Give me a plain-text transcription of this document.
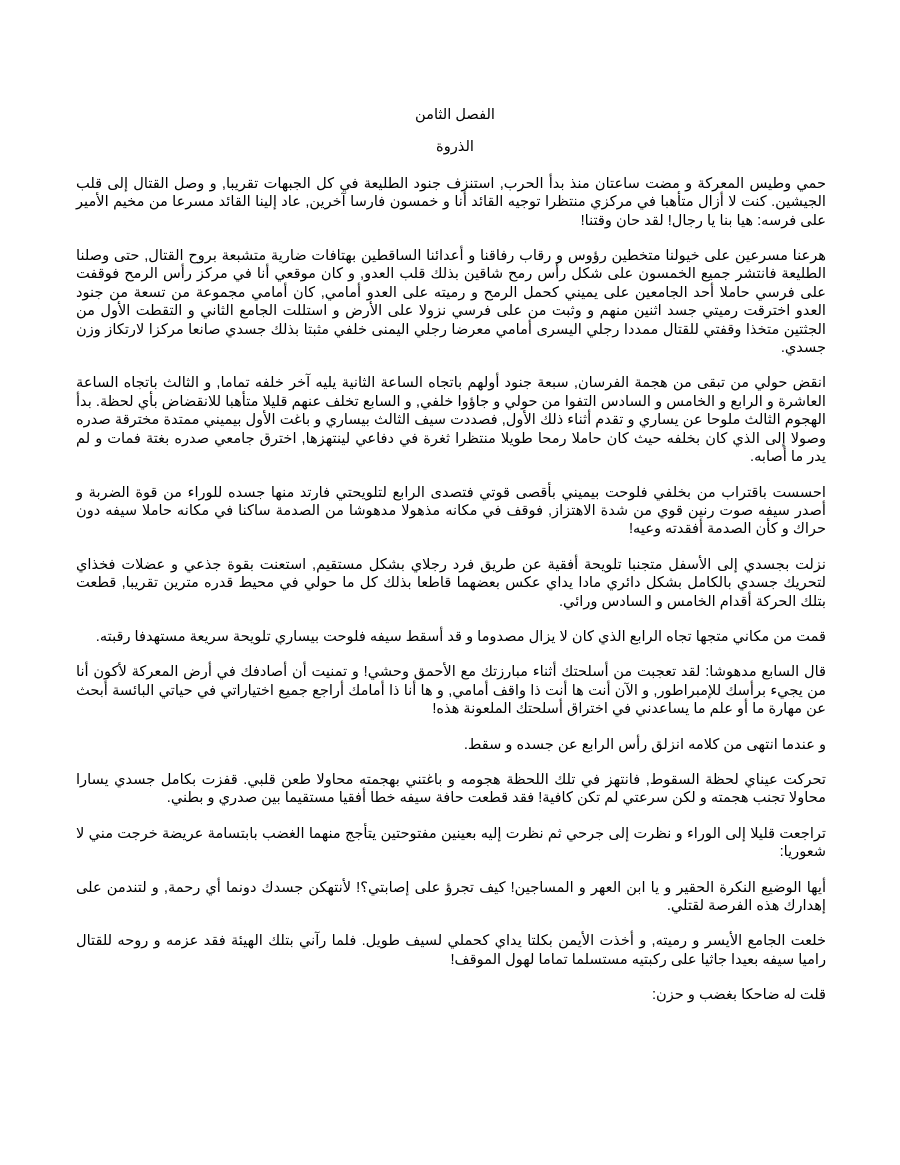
الفصل الثامن
الذروة

حمي وطيس المعركة و مضت ساعتان منذ بدأ الحرب, استنزف جنود الطليعة في كل الجبهات تقريبا, و وصل القتال إلى قلب الجيشين. كنت لا أزال متأهبا في مركزي منتظرا توجيه القائد أنا و خمسون فارسا آخرين, عاد إلينا القائد مسرعا من مخيم الأمير على فرسه: هيا بنا يا رجال! لقد حان وقتنا!

هرعنا مسرعين على خيولنا متخطين رؤوس و رقاب رفاقنا و أعدائنا الساقطين بهتافات ضارية متشبعة بروح القتال, حتى وصلنا الطليعة فانتشر جميع الخمسون على شكل رأس رمح شاقين بذلك قلب العدو, و كان موقعي أنا في مركز رأس الرمح فوقفت على فرسي حاملا أحد الجامعين على يميني كحمل الرمح و رميته على العدو أمامي, كان أمامي مجموعة من تسعة من جنود العدو اخترقت رميتي جسد اثنين منهم و وثبت من على فرسي نزولا على الأرض و استللت الجامع الثاني و التقطت الأول من الجثتين متخذا وقفتي للقتال ممددا رجلي اليسرى أمامي معرضا رجلي اليمنى خلفي مثبتا بذلك جسدي صانعا مركزا لارتكاز وزن جسدي.

انقض حولي من تبقى من هجمة الفرسان, سبعة جنود أولهم باتجاه الساعة الثانية يليه آخر خلفه تماما, و الثالث باتجاه الساعة العاشرة و الرابع و الخامس و السادس التفوا من حولي و جاؤوا خلفي, و السابع تخلف عنهم قليلا متأهبا للانقضاض بأي لحظة. بدأ الهجوم الثالث ملوحا عن يساري و تقدم أثناء ذلك الأول, فصددت سيف الثالث بيساري و باغت الأول بيميني ممتدة مخترقة صدره وصولا إلى الذي كان بخلفه حيث كان حاملا رمحا طويلا منتظرا ثغرة في دفاعي لينتهزها, اخترق جامعي صدره بغتة فمات و لم يدر ما أصابه.

احسست باقتراب من بخلفي فلوحت بيميني بأقصى قوتي فتصدى الرابع لتلويحتي فارتد منها جسده للوراء من قوة الضربة و أصدر سيفه صوت رنين قوي من شدة الاهتزاز, فوقف في مكانه مذهولا مدهوشا من الصدمة ساكنا في مكانه حاملا سيفه دون حراك و كأن الصدمة أفقدته وعيه!

نزلت بجسدي إلى الأسفل متجنبا تلويحة أفقية عن طريق فرد رجلاي بشكل مستقيم, استعنت بقوة جذعي و عضلات فخذاي لتحريك جسدي بالكامل بشكل دائري مادا يداي عكس بعضهما قاطعا بذلك كل ما حولي في محيط قدره مترين تقريبا, قطعت بتلك الحركة أقدام الخامس و السادس ورائي.

قمت من مكاني متجها تجاه الرابع الذي كان لا يزال مصدوما و قد أسقط سيفه فلوحت بيساري تلويحة سريعة مستهدفا رقبته.

قال السابع مدهوشا: لقد تعجبت من أسلحتك أثناء مبارزتك مع الأحمق وحشي! و تمنيت أن أصادفك في أرض المعركة لأكون أنا من يجيء برأسك للإمبراطور, و الآن أنت ها أنت ذا واقف أمامي, و ها أنا ذا أمامك أراجع جميع اختياراتي في حياتي البائسة أبحث عن مهارة ما أو علم ما يساعدني في اختراق أسلحتك الملعونة هذه!

و عندما انتهى من كلامه انزلق رأس الرابع عن جسده و سقط.

تحركت عيناي لحظة السقوط, فانتهز في تلك اللحظة هجومه و باغتني بهجمته محاولا طعن قلبي. قفزت بكامل جسدي يسارا محاولا تجنب هجمته و لكن سرعتي لم تكن كافية! فقد قطعت حافة سيفه خطا أفقيا مستقيما بين صدري و بطني.

تراجعت قليلا إلى الوراء و نظرت إلى جرحي ثم نظرت إليه بعينين مفتوحتين يتأجج منهما الغضب بابتسامة عريضة خرجت مني لا شعوريا:

أيها الوضيع النكرة الحقير و يا ابن العهر و المساجين! كيف تجرؤ على إصابتي؟! لأنتهكن جسدك دونما أي رحمة, و لتندمن على إهدارك هذه الفرصة لقتلي.

خلعت الجامع الأيسر و رميته, و أخذت الأيمن بكلتا يداي كحملي لسيف طويل. فلما رآني بتلك الهيئة فقد عزمه و روحه للقتال راميا سيفه بعيدا جاثيا على ركبتيه مستسلما تماما لهول الموقف!

قلت له ضاحكا بغضب و حزن:
